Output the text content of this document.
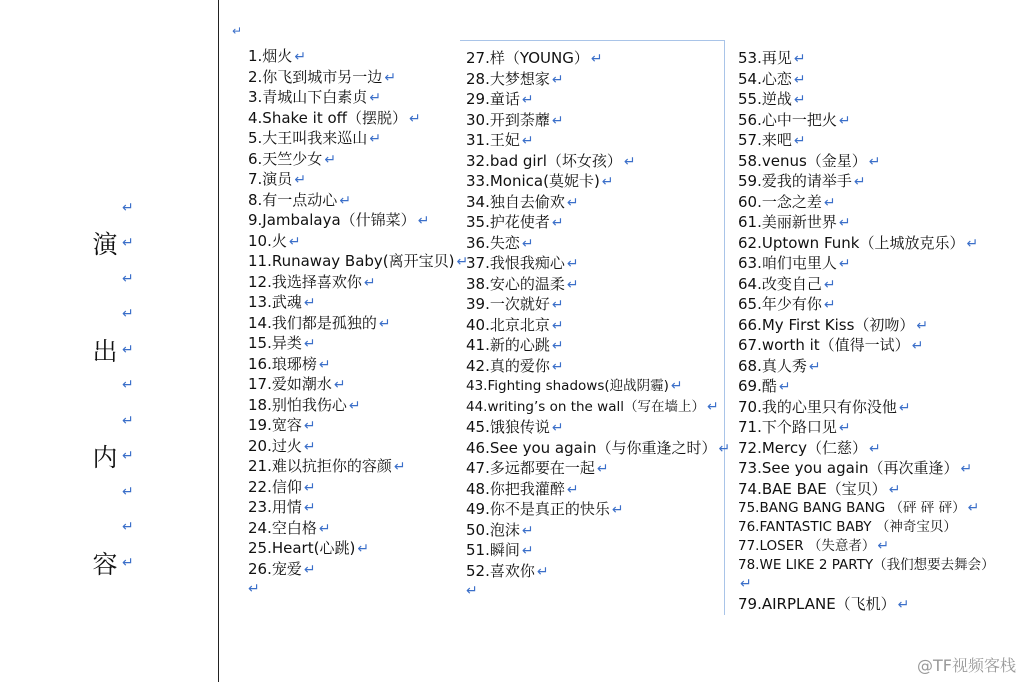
↵
演 ↵
↵
↵
出 ↵
↵
↵
内 ↵
↵
↵
容 ↵
↵
1.烟火 ↵
2.你飞到城市另一边 ↵
3.青城山下白素贞 ↵
4.Shake it off（摆脱） ↵
5.大王叫我来巡山 ↵
6.天竺少女 ↵
7.演员 ↵
8.有一点动心 ↵
9.Jambalaya（什锦菜） ↵
10.火 ↵
11.Runaway Baby(离开宝贝) ↵
12.我选择喜欢你 ↵
13.武魂 ↵
14.我们都是孤独的 ↵
15.异类 ↵
16.琅琊榜 ↵
17.爱如潮水 ↵
18.别怕我伤心 ↵
19.宽容 ↵
20.过火 ↵
21.难以抗拒你的容颜 ↵
22.信仰 ↵
23.用情 ↵
24.空白格 ↵
25.Heart(心跳) ↵
26.宠爱 ↵
↵
27.样（YOUNG） ↵
28.大梦想家 ↵
29.童话 ↵
30.开到荼蘼 ↵
31.王妃 ↵
32.bad girl（坏女孩） ↵
33.Monica(莫妮卡) ↵
34.独自去偷欢 ↵
35.护花使者 ↵
36.失恋 ↵
37.我恨我痴心 ↵
38.安心的温柔 ↵
39.一次就好 ↵
40.北京北京 ↵
41.新的心跳 ↵
42.真的爱你 ↵
43.Fighting shadows(迎战阴霾) ↵
44.writing’s on the wall（写在墙上） ↵
45.饿狼传说 ↵
46.See you again（与你重逢之时） ↵
47.多远都要在一起 ↵
48.你把我灌醉 ↵
49.你不是真正的快乐 ↵
50.泡沫 ↵
51.瞬间 ↵
52.喜欢你 ↵
↵
53.再见 ↵
54.心恋 ↵
55.逆战 ↵
56.心中一把火 ↵
57.来吧 ↵
58.venus（金星） ↵
59.爱我的请举手 ↵
60.一念之差 ↵
61.美丽新世界 ↵
62.Uptown Funk（上城放克乐） ↵
63.咱们屯里人 ↵
64.改变自己 ↵
65.年少有你 ↵
66.My First Kiss（初吻） ↵
67.worth it（值得一试） ↵
68.真人秀 ↵
69.酷 ↵
70.我的心里只有你没他 ↵
71.下个路口见 ↵
72.Mercy（仁慈） ↵
73.See you again（再次重逢） ↵
74.BAE BAE（宝贝） ↵
75.BANG BANG BANG （砰 砰 砰） ↵
76.FANTASTIC BABY （神奇宝贝）77.LOSER （失意者） ↵
78.WE LIKE 2 PARTY（我们想要去舞会）↵
79.AIRPLANE（飞机） ↵
@TF视频客栈
